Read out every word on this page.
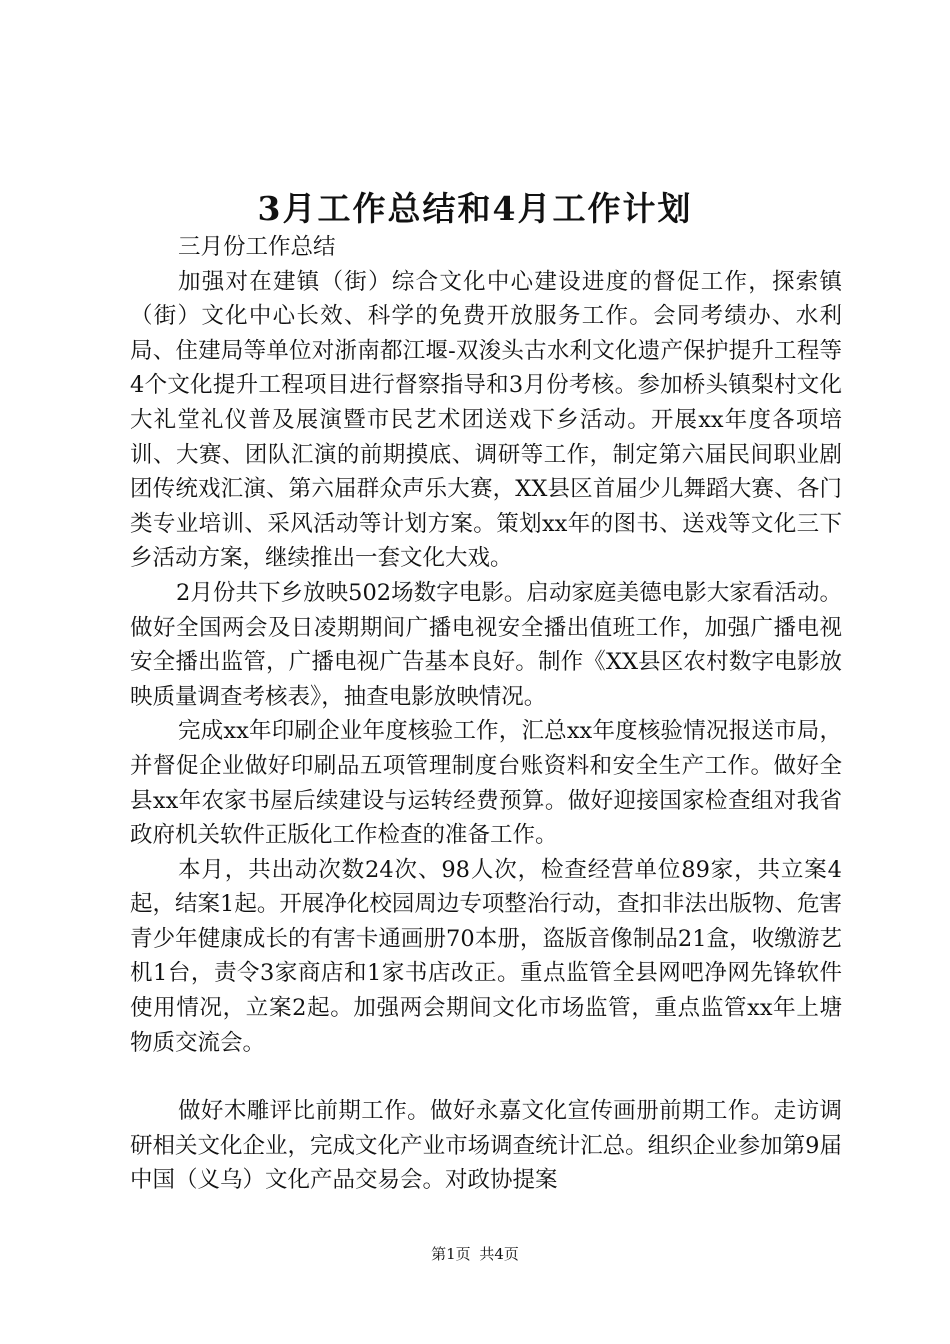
3月工作总结和4月工作计划

三月份工作总结

加强对在建镇（街）综合文化中心建设进度的督促工作，探索镇（街）文化中心长效、科学的免费开放服务工作。会同考绩办、水利局、住建局等单位对浙南都江堰-双浚头古水利文化遗产保护提升工程等4个文化提升工程项目进行督察指导和3月份考核。参加桥头镇梨村文化大礼堂礼仪普及展演暨市民艺术团送戏下乡活动。开展xx年度各项培训、大赛、团队汇演的前期摸底、调研等工作，制定第六届民间职业剧团传统戏汇演、第六届群众声乐大赛，XX县区首届少儿舞蹈大赛、各门类专业培训、采风活动等计划方案。策划xx年的图书、送戏等文化三下乡活动方案，继续推出一套文化大戏。

2月份共下乡放映502场数字电影。启动家庭美德电影大家看活动。做好全国两会及日凌期期间广播电视安全播出值班工作，加强广播电视安全播出监管，广播电视广告基本良好。制作《XX县区农村数字电影放映质量调查考核表》，抽查电影放映情况。

完成xx年印刷企业年度核验工作，汇总xx年度核验情况报送市局，并督促企业做好印刷品五项管理制度台账资料和安全生产工作。做好全县xx年农家书屋后续建设与运转经费预算。做好迎接国家检查组对我省政府机关软件正版化工作检查的准备工作。

本月，共出动次数24次、98人次，检查经营单位89家，共立案4起，结案1起。开展净化校园周边专项整治行动，查扣非法出版物、危害青少年健康成长的有害卡通画册70本册，盗版音像制品21盒，收缴游艺机1台，责令3家商店和1家书店改正。重点监管全县网吧净网先锋软件使用情况，立案2起。加强两会期间文化市场监管，重点监管xx年上塘物质交流会。

做好木雕评比前期工作。做好永嘉文化宣传画册前期工作。走访调研相关文化企业，完成文化产业市场调查统计汇总。组织企业参加第9届中国（义乌）文化产品交易会。对政协提案

第1页 共4页
